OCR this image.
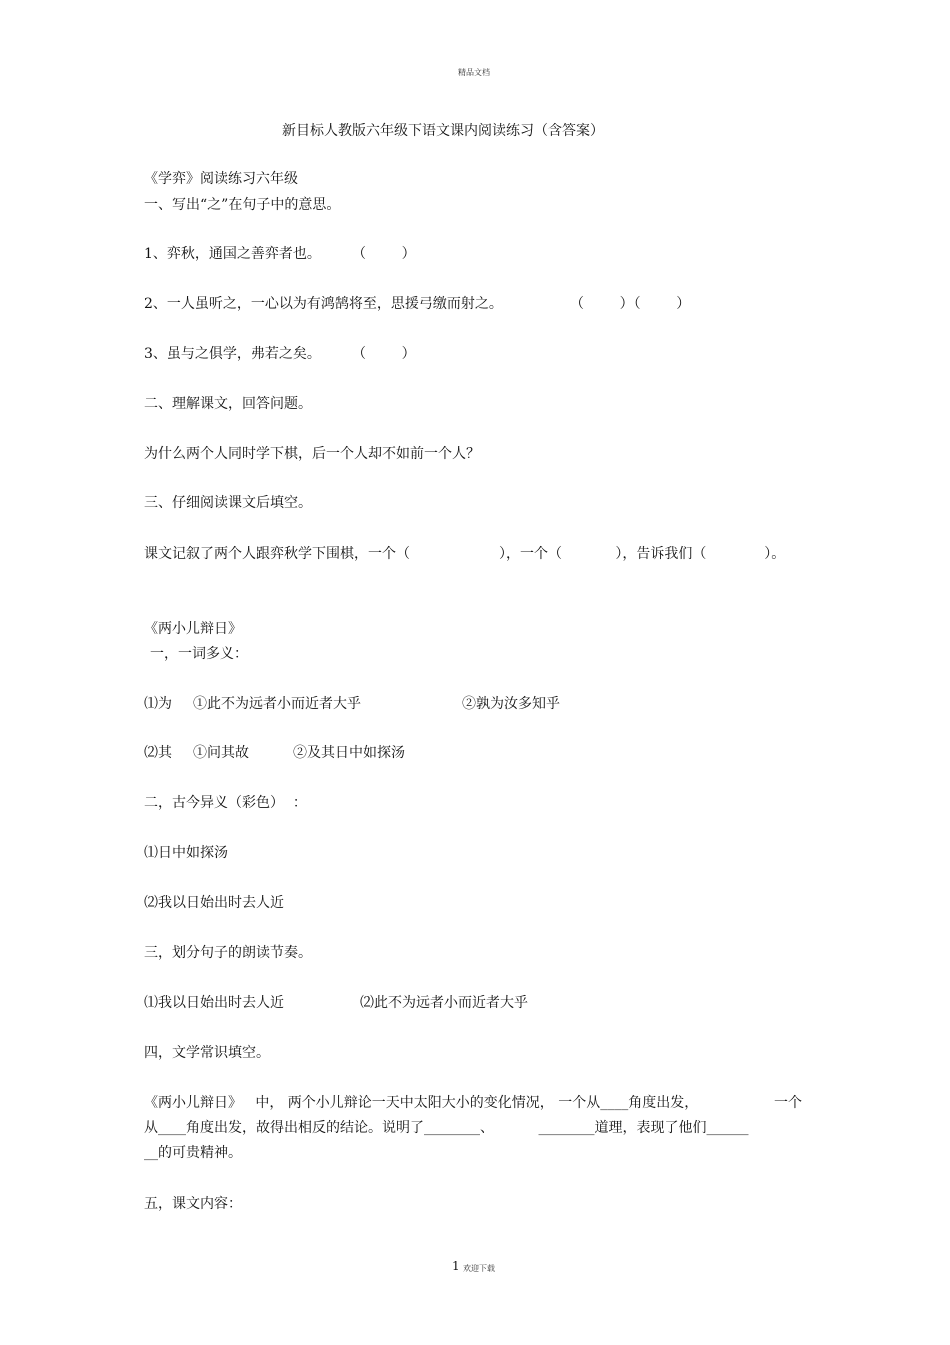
精品文档
新目标人教版六年级下语文课内阅读练习（含答案）
《学弈》阅读练习六年级
一、写出“之”在句子中的意思。
1、弈秋，通国之善弈者也。 （        ）
2、一人虽听之，一心以为有鸿鹄将至，思援弓缴而射之。	（        ）（        ）
3、虽与之俱学，弗若之矣。 （        ）
二、理解课文，回答问题。
为什么两个人同时学下棋，后一个人却不如前一个人？
三、仔细阅读课文后填空。
课文记叙了两个人跟弈秋学下围棋，一个（                    ），一个（            ），告诉我们（             ）。
《两小儿辩日》
一，一词多义：
⑴为 ①此不为远者小而近者大乎	②孰为汝多知乎
⑵其 ①问其故	②及其日中如探汤
二，古今异义（彩色）  ：
⑴日中如探汤
⑵我以日始出时去人近
三，划分句子的朗读节奏。
⑴我以日始出时去人近	⑵此不为远者小而近者大乎
四，文学常识填空。
《两小儿辩日》   中， 两个小儿辩论一天中太阳大小的变化情况， 一个从____角度出发，	一个
从____角度出发，故得出相反的结论。说明了________、          ________道理，表现了他们______
__的可贵精神。
五，课文内容：
1 欢迎下载
